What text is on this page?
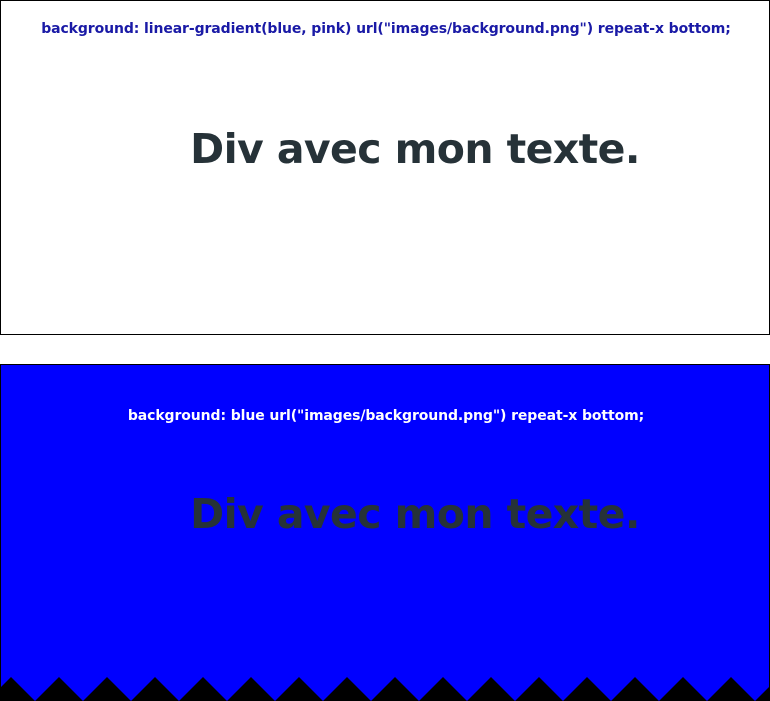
background: linear-gradient(blue, pink) url("images/background.png") repeat-x bottom;
Div avec mon texte.
background: blue url("images/background.png") repeat-x bottom;
Div avec mon texte.
